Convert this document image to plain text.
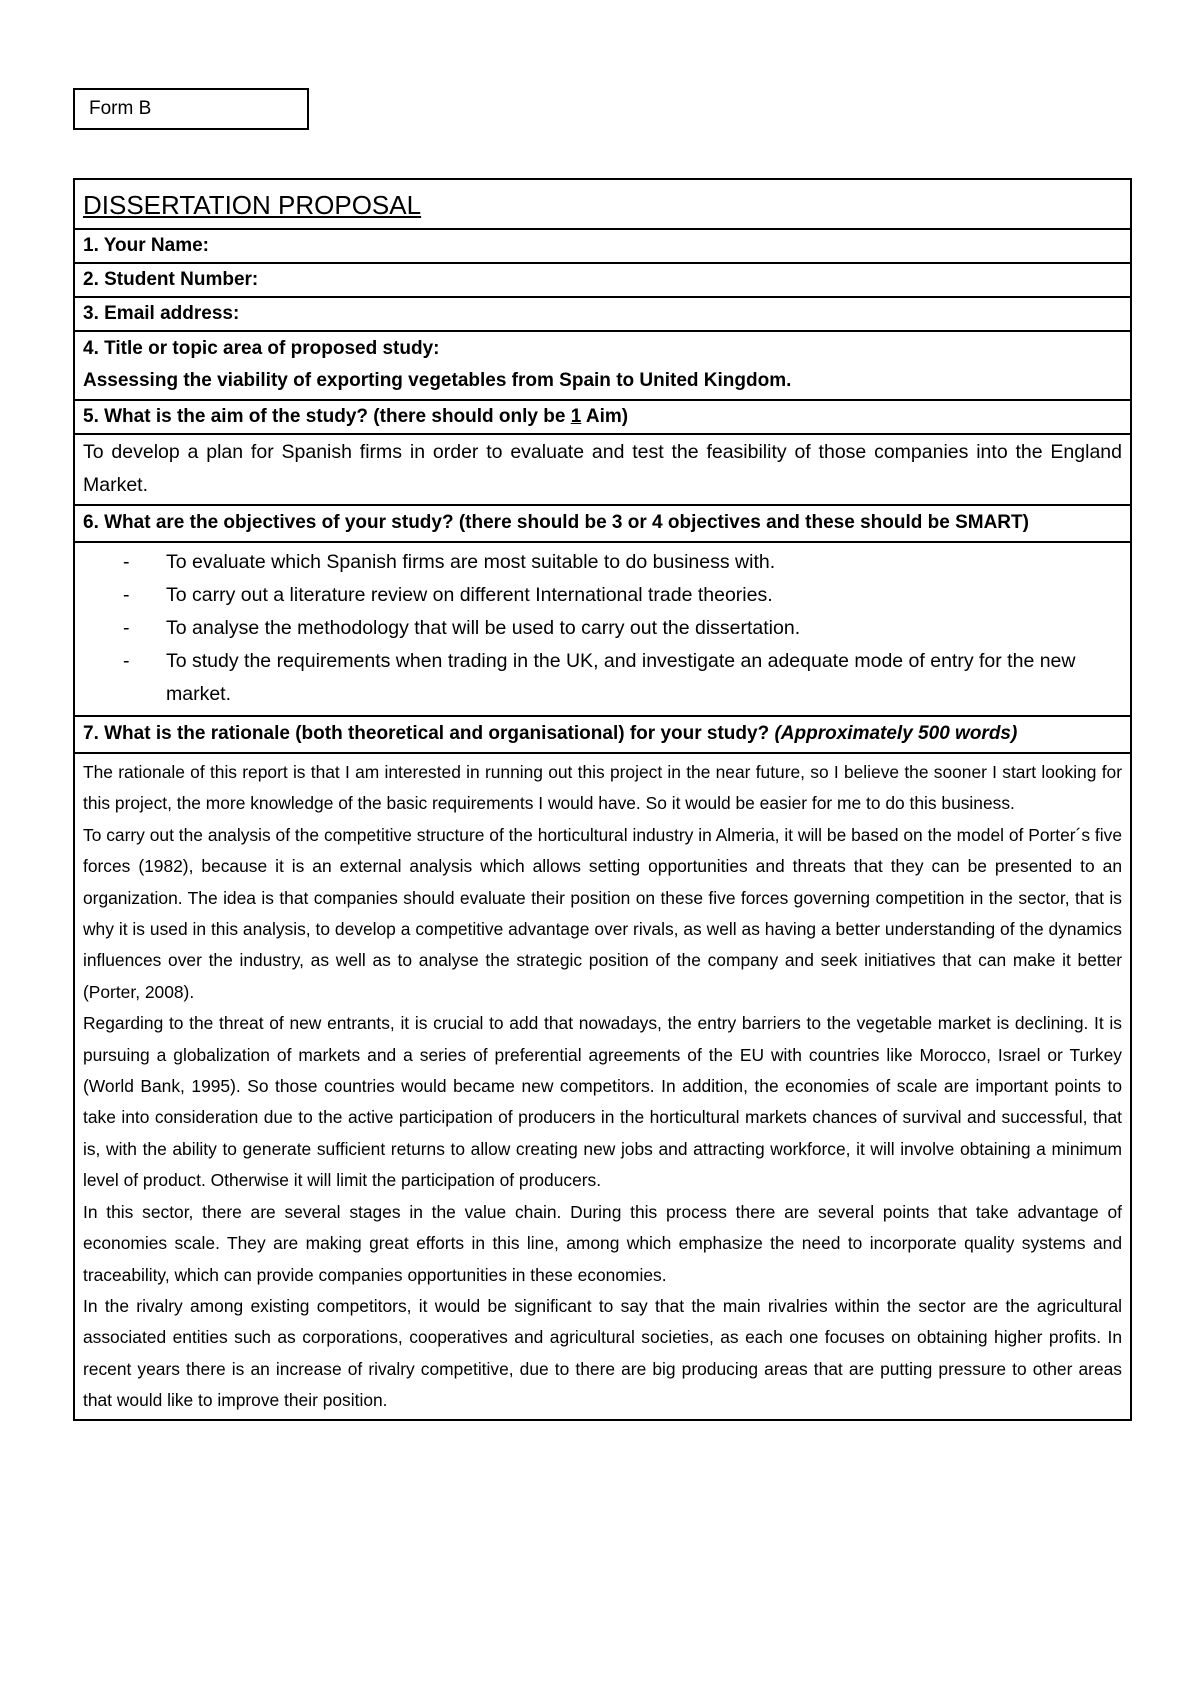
Form B
DISSERTATION PROPOSAL
1. Your Name:
2. Student Number:
3. Email address:
4. Title or topic area of proposed study:
Assessing the viability of exporting vegetables from Spain to United Kingdom.
5. What is the aim of the study? (there should only be 1 Aim)
To develop a plan for Spanish firms in order to evaluate and test the feasibility of those companies into the England Market.
6. What are the objectives of your study? (there should be 3 or 4 objectives and these should be SMART)
- To evaluate which Spanish firms are most suitable to do business with.
- To carry out a literature review on different International trade theories.
- To analyse the methodology that will be used to carry out the dissertation.
- To study the requirements when trading in the UK, and investigate an adequate mode of entry for the new market.
7. What is the rationale (both theoretical and organisational) for your study? (Approximately 500 words)

The rationale of this report is that I am interested in running out this project in the near future, so I believe the sooner I start looking for this project, the more knowledge of the basic requirements I would have. So it would be easier for me to do this business.

To carry out the analysis of the competitive structure of the horticultural industry in Almeria, it will be based on the model of Porter´s five forces (1982), because it is an external analysis which allows setting opportunities and threats that they can be presented to an organization. The idea is that companies should evaluate their position on these five forces governing competition in the sector, that is why it is used in this analysis, to develop a competitive advantage over rivals, as well as having a better understanding of the dynamics influences over the industry, as well as to analyse the strategic position of the company and seek initiatives that can make it better (Porter, 2008).

Regarding to the threat of new entrants, it is crucial to add that nowadays, the entry barriers to the vegetable market is declining. It is pursuing a globalization of markets and a series of preferential agreements of the EU with countries like Morocco, Israel or Turkey (World Bank, 1995). So those countries would became new competitors. In addition, the economies of scale are important points to take into consideration due to the active participation of producers in the horticultural markets chances of survival and successful, that is, with the ability to generate sufficient returns to allow creating new jobs and attracting workforce, it will involve obtaining a minimum level of product. Otherwise it will limit the participation of producers.

In this sector, there are several stages in the value chain. During this process there are several points that take advantage of economies scale. They are making great efforts in this line, among which emphasize the need to incorporate quality systems and traceability, which can provide companies opportunities in these economies.

In the rivalry among existing competitors, it would be significant to say that the main rivalries within the sector are the agricultural associated entities such as corporations, cooperatives and agricultural societies, as each one focuses on obtaining higher profits. In recent years there is an increase of rivalry competitive, due to there are big producing areas that are putting pressure to other areas that would like to improve their position.
